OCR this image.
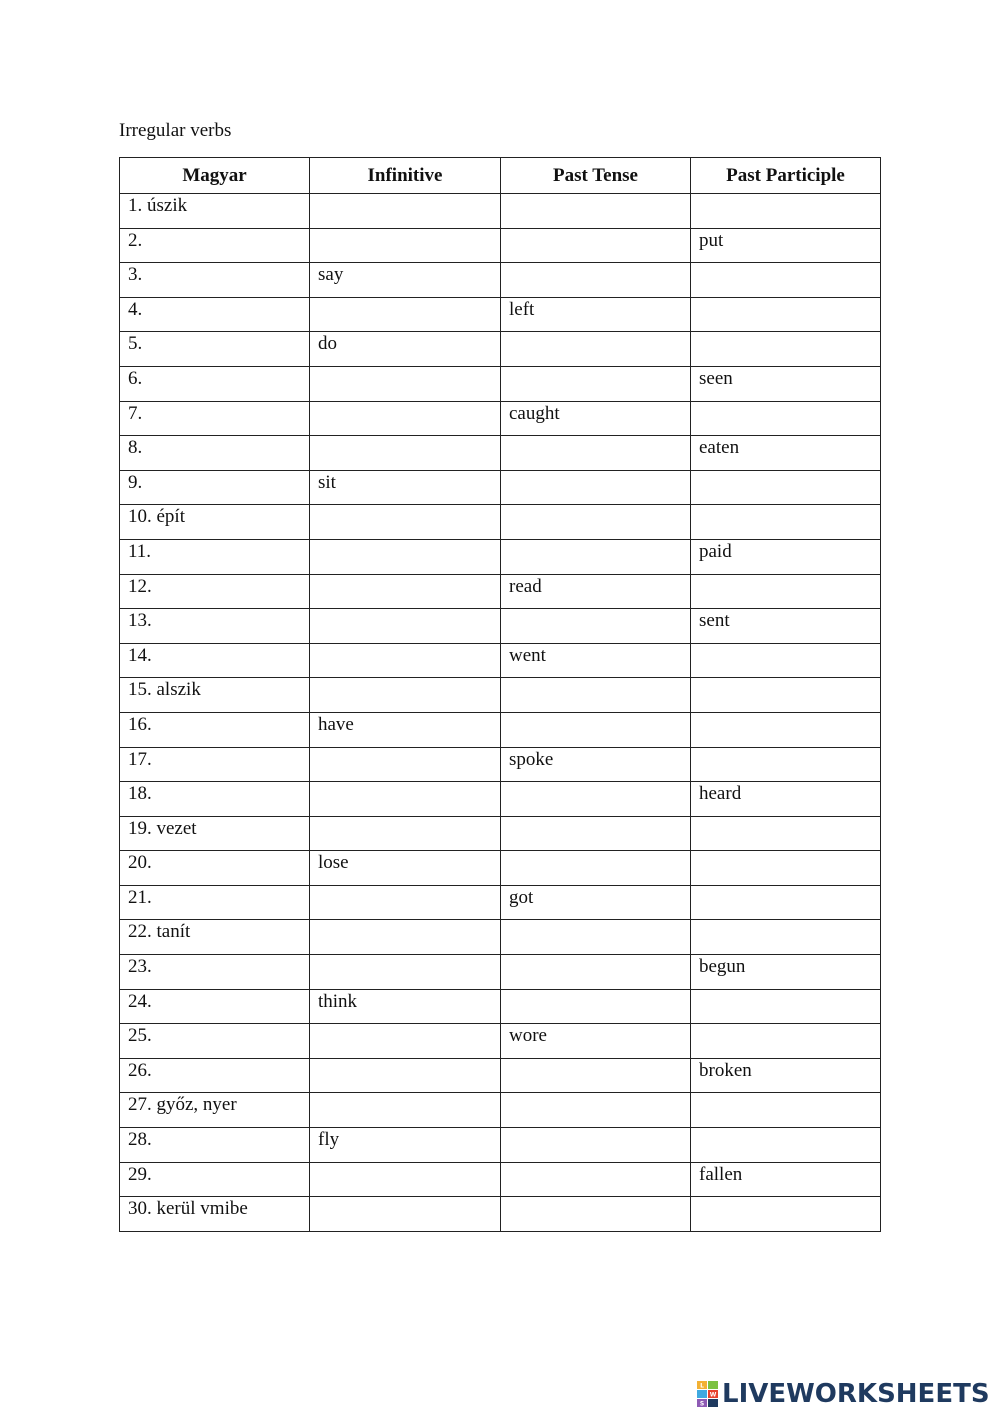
Irregular verbs
Magyar	Infinitive	Past Tense	Past Participle
1. úszik			
2.			put
3.	say		
4.		left	
5.	do		
6.			seen
7.		caught	
8.			eaten
9.	sit		
10. épít			
11.			paid
12.		read	
13.			sent
14.		went	
15. alszik			
16.	have		
17.		spoke	
18.			heard
19. vezet			
20.	lose		
21.		got	
22. tanít			
23.			begun
24.	think		
25.		wore	
26.			broken
27. győz, nyer			
28.	fly		
29.			fallen
30. kerül vmibe			
L
W
S LIVEWORKSHEETS
